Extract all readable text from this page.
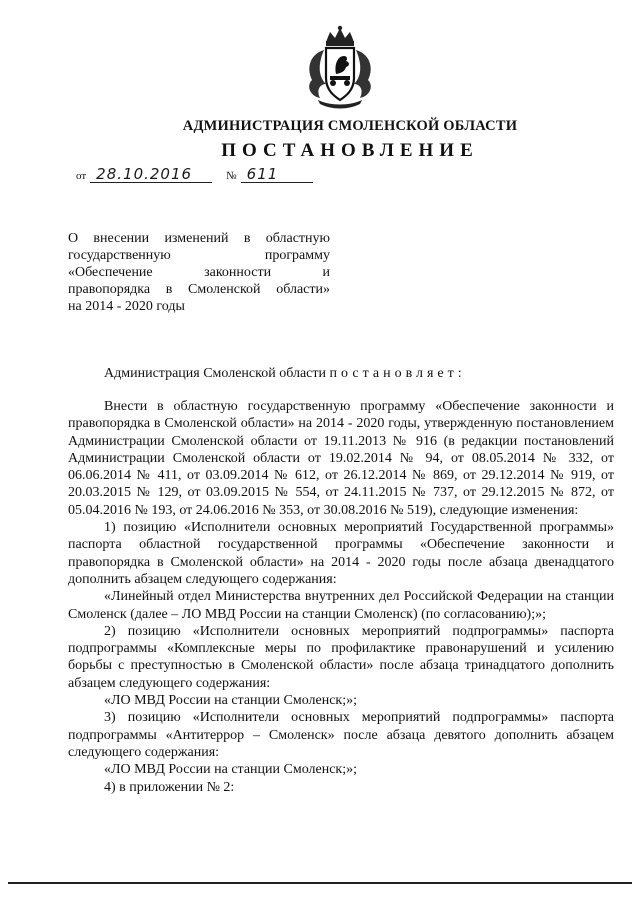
АДМИНИСТРАЦИЯ СМОЛЕНСКОЙ ОБЛАСТИ
ПОСТАНОВЛЕНИЕ
от 28.10.2016	№ 611
О внесении изменений в областную
государственную программу
«Обеспечение законности и
правопорядка в Смоленской области»
на 2014 - 2020 годы
Администрация Смоленской области постановляет:

Внести в областную государственную программу «Обеспечение законности и правопорядка в Смоленской области» на 2014 - 2020 годы, утвержденную постановлением Администрации Смоленской области от 19.11.2013 № 916 (в редакции постановлений Администрации Смоленской области от 19.02.2014 № 94, от 08.05.2014 № 332, от 06.06.2014 № 411, от 03.09.2014 № 612, от 26.12.2014 № 869, от 29.12.2014 № 919, от 20.03.2015 № 129, от 03.09.2015 № 554, от 24.11.2015 № 737, от 29.12.2015 № 872, от 05.04.2016 № 193, от 24.06.2016 № 353, от 30.08.2016 № 519), следующие изменения:

1) позицию «Исполнители основных мероприятий Государственной программы» паспорта областной государственной программы «Обеспечение законности и правопорядка в Смоленской области» на 2014 - 2020 годы после абзаца двенадцатого дополнить абзацем следующего содержания:

«Линейный отдел Министерства внутренних дел Российской Федерации на станции Смоленск (далее – ЛО МВД России на станции Смоленск) (по согласованию);»;

2) позицию «Исполнители основных мероприятий подпрограммы» паспорта подпрограммы «Комплексные меры по профилактике правонарушений и усилению борьбы с преступностью в Смоленской области» после абзаца тринадцатого дополнить абзацем следующего содержания:

«ЛО МВД России на станции Смоленск;»;

3) позицию «Исполнители основных мероприятий подпрограммы» паспорта подпрограммы «Антитеррор – Смоленск» после абзаца девятого дополнить абзацем следующего содержания:

«ЛО МВД России на станции Смоленск;»;

4) в приложении № 2:
